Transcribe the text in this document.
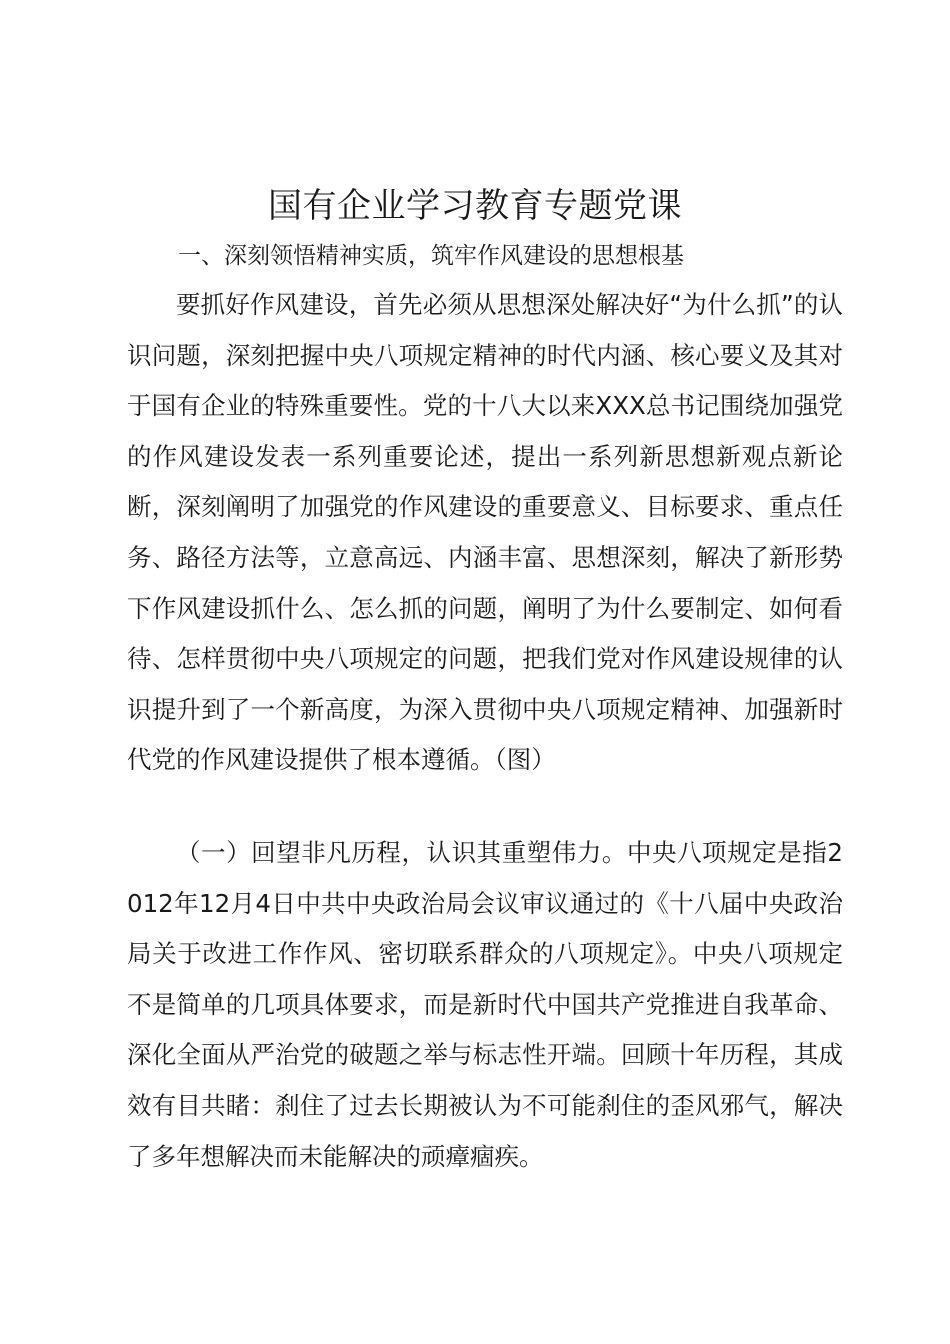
国有企业学习教育专题党课

一、深刻领悟精神实质，筑牢作风建设的思想根基

要抓好作风建设，首先必须从思想深处解决好“为什么抓”的认识问题，深刻把握中央八项规定精神的时代内涵、核心要义及其对于国有企业的特殊重要性。党的十八大以来XXX总书记围绕加强党的作风建设发表一系列重要论述，提出一系列新思想新观点新论断，深刻阐明了加强党的作风建设的重要意义、目标要求、重点任务、路径方法等，立意高远、内涵丰富、思想深刻，解决了新形势下作风建设抓什么、怎么抓的问题，阐明了为什么要制定、如何看待、怎样贯彻中央八项规定的问题，把我们党对作风建设规律的认识提升到了一个新高度，为深入贯彻中央八项规定精神、加强新时代党的作风建设提供了根本遵循。（图）

（一）回望非凡历程，认识其重塑伟力。中央八项规定是指2012年12月4日中共中央政治局会议审议通过的《十八届中央政治局关于改进工作作风、密切联系群众的八项规定》。中央八项规定不是简单的几项具体要求，而是新时代中国共产党推进自我革命、深化全面从严治党的破题之举与标志性开端。回顾十年历程，其成效有目共睹：刹住了过去长期被认为不可能刹住的歪风邪气，解决了多年想解决而未能解决的顽瘴痼疾。
